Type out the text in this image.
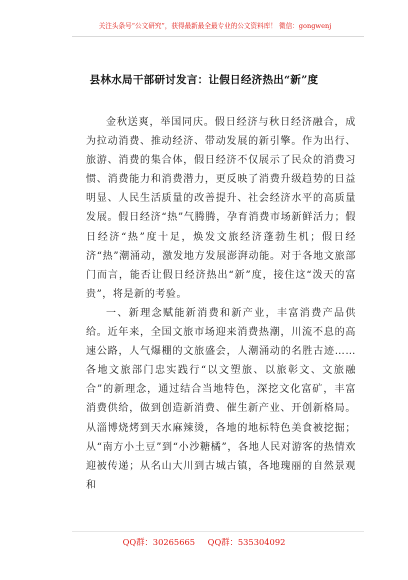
关注头条号“公文研究”，获得最新最全最专业的公文资料库！ 微信：gongwenj
县林水局干部研讨发言：让假日经济热出“新”度

金秋送爽，举国同庆。假日经济与秋日经济融合，成为拉动消费、推动经济、带动发展的新引擎。作为出行、旅游、消费的集合体，假日经济不仅展示了民众的消费习惯、消费能力和消费潜力，更反映了消费升级趋势的日益明显、人民生活质量的改善提升、社会经济水平的高质量发展。假日经济“热”气腾腾，孕育消费市场新鲜活力；假日经济“热”度十足，焕发文旅经济蓬勃生机；假日经济“热”潮涌动，激发地方发展澎湃动能。对于各地文旅部门而言，能否让假日经济热出“新”度，接住这“泼天的富贵”，将是新的考验。

一、新理念赋能新消费和新产业，丰富消费产品供给。近年来，全国文旅市场迎来消费热潮，川流不息的高速公路，人气爆棚的文旅盛会，人潮涌动的名胜古迹……各地文旅部门忠实践行“以文塑旅、以旅彰文、文旅融合”的新理念，通过结合当地特色，深挖文化富矿，丰富消费供给，做到创造新消费、催生新产业、开创新格局。从淄博烧烤到天水麻辣烫，各地的地标特色美食被挖掘；从“南方小土豆”到“小沙糖橘”，各地人民对游客的热情欢迎被传递；从名山大川到古城古镇，各地瑰丽的自然景观和

QQ群：30265665 QQ群：535304092
